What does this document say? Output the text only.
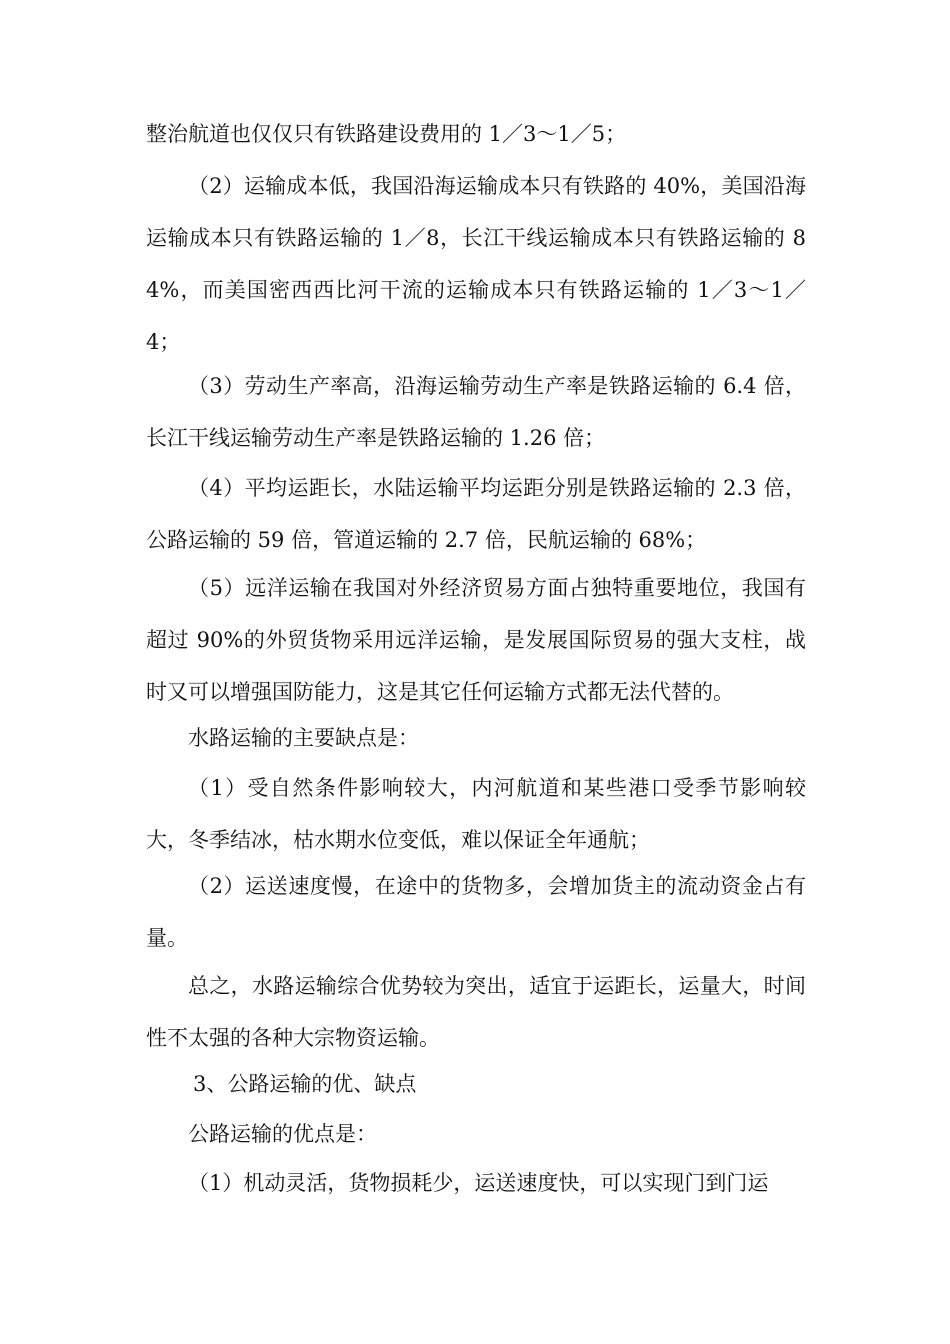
整治航道也仅仅只有铁路建设费用的 1／3～1／5；

（2）运输成本低，我国沿海运输成本只有铁路的 40%，美国沿海运输成本只有铁路运输的 1／8，长江干线运输成本只有铁路运输的 84%，而美国密西西比河干流的运输成本只有铁路运输的 1／3～1／4；

（3）劳动生产率高，沿海运输劳动生产率是铁路运输的 6.4 倍，长江干线运输劳动生产率是铁路运输的 1.26 倍；

（4）平均运距长，水陆运输平均运距分别是铁路运输的 2.3 倍，公路运输的 59 倍，管道运输的 2.7 倍，民航运输的 68%；

（5）远洋运输在我国对外经济贸易方面占独特重要地位，我国有超过 90%的外贸货物采用远洋运输，是发展国际贸易的强大支柱，战时又可以增强国防能力，这是其它任何运输方式都无法代替的。

水路运输的主要缺点是：

（1）受自然条件影响较大，内河航道和某些港口受季节影响较大，冬季结冰，枯水期水位变低，难以保证全年通航；

（2）运送速度慢，在途中的货物多，会增加货主的流动资金占有量。

总之，水路运输综合优势较为突出，适宜于运距长，运量大，时间性不太强的各种大宗物资运输。

3、公路运输的优、缺点

公路运输的优点是：

（1）机动灵活，货物损耗少，运送速度快，可以实现门到门运
